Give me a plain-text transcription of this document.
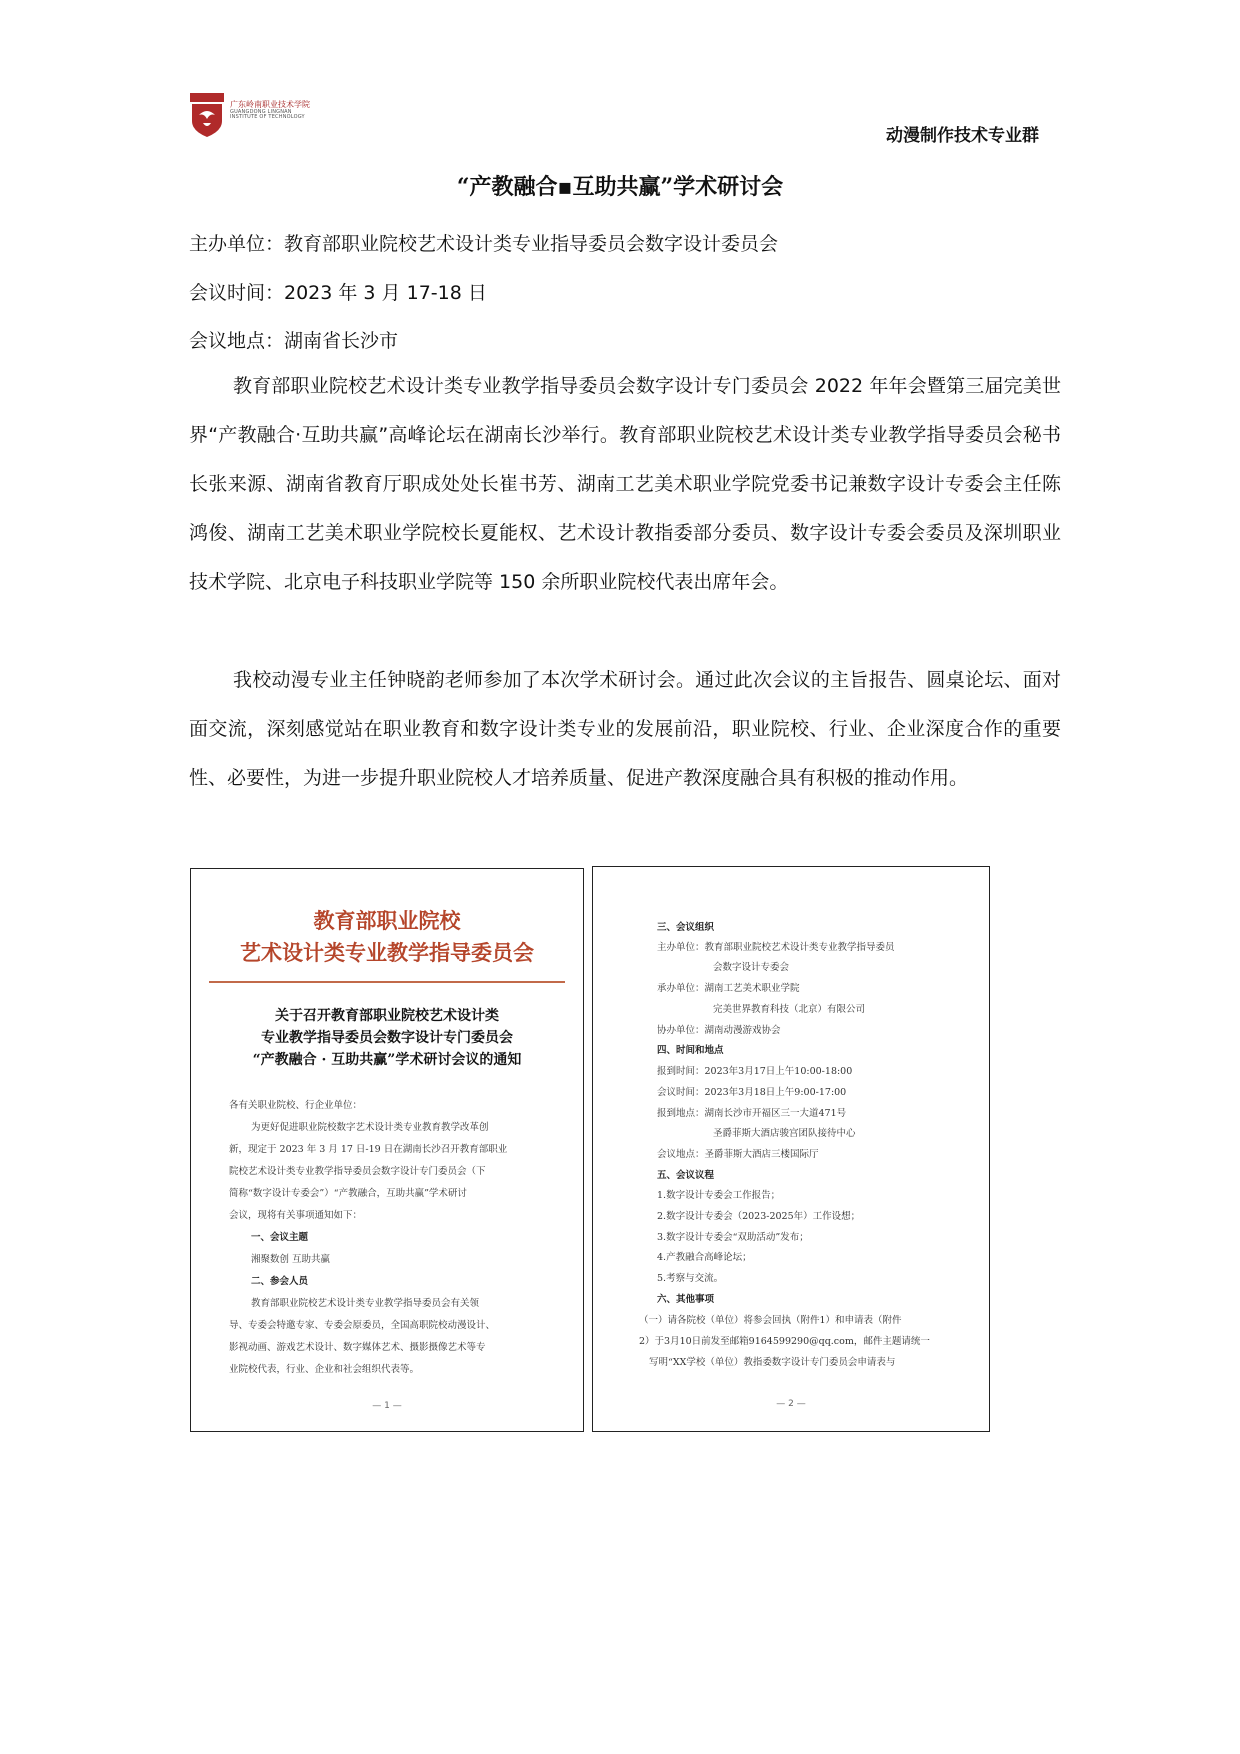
广东岭南职业技术学院
GUANGDONG LINGNAN
INSTITUTE OF TECHNOLOGY
动漫制作技术专业群
“产教融合▪互助共赢”学术研讨会
主办单位：教育部职业院校艺术设计类专业指导委员会数字设计委员会
会议时间：2023 年 3 月 17-18 日
会议地点：湖南省长沙市

教育部职业院校艺术设计类专业教学指导委员会数字设计专门委员会 2022 年年会暨第三届完美世界“产教融合·互助共赢”高峰论坛在湖南长沙举行。教育部职业院校艺术设计类专业教学指导委员会秘书长张来源、湖南省教育厅职成处处长崔书芳、湖南工艺美术职业学院党委书记兼数字设计专委会主任陈鸿俊、湖南工艺美术职业学院校长夏能权、艺术设计教指委部分委员、数字设计专委会委员及深圳职业技术学院、北京电子科技职业学院等 150 余所职业院校代表出席年会。

我校动漫专业主任钟晓韵老师参加了本次学术研讨会。通过此次会议的主旨报告、圆桌论坛、面对面交流，深刻感觉站在职业教育和数字设计类专业的发展前沿，职业院校、行业、企业深度合作的重要性、必要性，为进一步提升职业院校人才培养质量、促进产教深度融合具有积极的推动作用。

教育部职业院校
艺术设计类专业教学指导委员会
关于召开教育部职业院校艺术设计类
专业教学指导委员会数字设计专门委员会
“产教融合 · 互助共赢”学术研讨会议的通知
各有关职业院校、行企业单位：
为更好促进职业院校数字艺术设计类专业教育教学改革创
新，现定于 2023 年 3 月 17 日-19 日在湖南长沙召开教育部职业
院校艺术设计类专业教学指导委员会数字设计专门委员会（下
简称“数字设计专委会”）“产教融合，互助共赢”学术研讨
会议，现将有关事项通知如下：
一、会议主题
湘聚数创 互助共赢
二、参会人员
教育部职业院校艺术设计类专业教学指导委员会有关领
导、专委会特邀专家、专委会原委员，全国高职院校动漫设计、
影视动画、游戏艺术设计、数字媒体艺术、摄影摄像艺术等专
业院校代表，行业、企业和社会组织代表等。
— 1 —
三、会议组织
主办单位：教育部职业院校艺术设计类专业教学指导委员
会数字设计专委会
承办单位：湖南工艺美术职业学院
完美世界教育科技（北京）有限公司
协办单位：湖南动漫游戏协会
四、时间和地点
报到时间：2023年3月17日上午10:00-18:00
会议时间：2023年3月18日上午9:00-17:00
报到地点：湖南长沙市开福区三一大道471号
圣爵菲斯大酒店骏宫团队接待中心
会议地点：圣爵菲斯大酒店三楼国际厅
五、会议议程
1.数字设计专委会工作报告；
2.数字设计专委会（2023-2025年）工作设想；
3.数字设计专委会“双助活动”发布；
4.产教融合高峰论坛；
5.考察与交流。
六、其他事项
（一）请各院校（单位）将参会回执（附件1）和申请表（附件
2）于3月10日前发至邮箱9164599290@qq.com，邮件主题请统一
写明“XX学校（单位）教指委数字设计专门委员会申请表与
— 2 —
